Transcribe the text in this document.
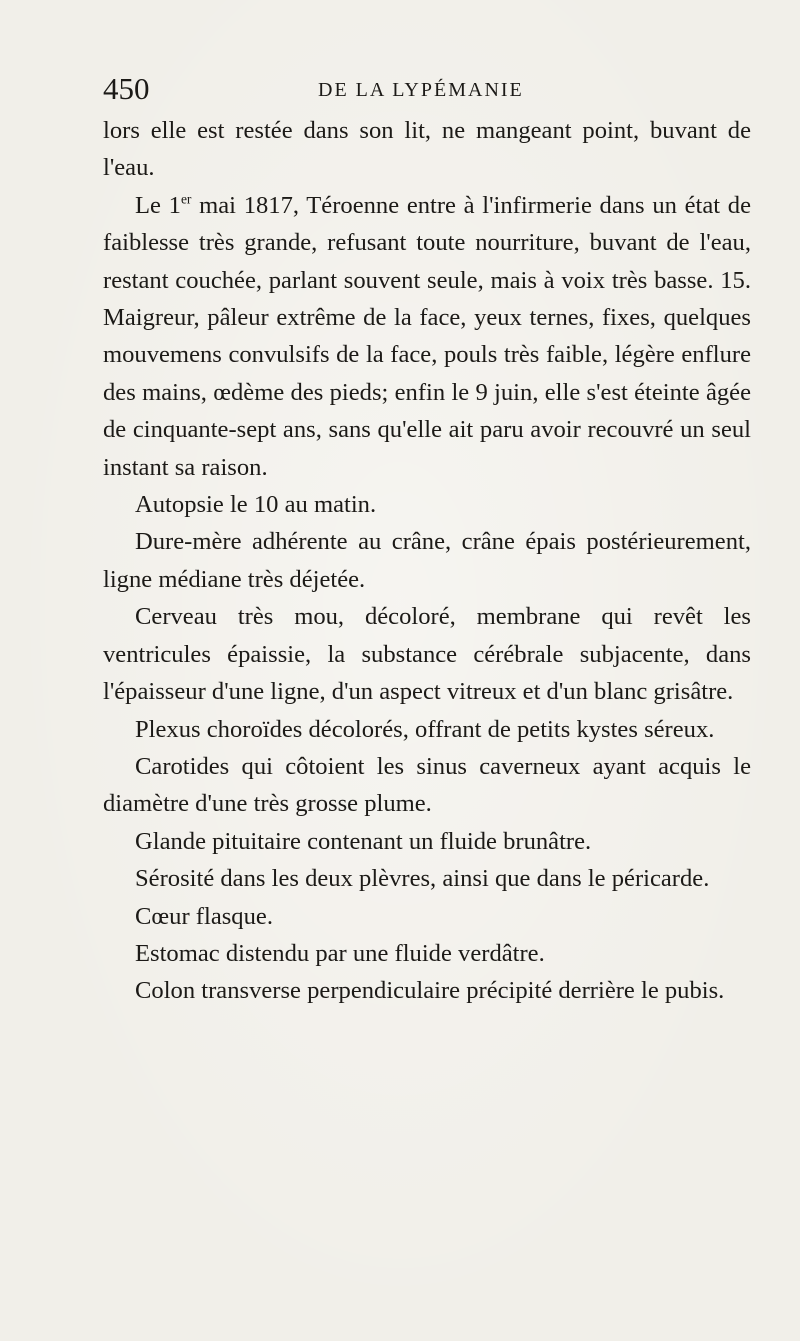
450	DE LA LYPÉMANIE

lors elle est restée dans son lit, ne mangeant point, buvant de l'eau.

Le 1er mai 1817, Téroenne entre à l'infirmerie dans un état de faiblesse très grande, refusant toute nourriture, buvant de l'eau, restant couchée, parlant souvent seule, mais à voix très basse. 15. Maigreur, pâleur extrême de la face, yeux ternes, fixes, quelques mouvemens convulsifs de la face, pouls très faible, légère enflure des mains, œdème des pieds; enfin le 9 juin, elle s'est éteinte âgée de cinquante-sept ans, sans qu'elle ait paru avoir recouvré un seul instant sa raison.

Autopsie le 10 au matin.

Dure-mère adhérente au crâne, crâne épais postérieurement, ligne médiane très déjetée.

Cerveau très mou, décoloré, membrane qui revêt les ventricules épaissie, la substance cérébrale subjacente, dans l'épaisseur d'une ligne, d'un aspect vitreux et d'un blanc grisâtre.

Plexus choroïdes décolorés, offrant de petits kystes séreux.

Carotides qui côtoient les sinus caverneux ayant acquis le diamètre d'une très grosse plume.

Glande pituitaire contenant un fluide brunâtre.

Sérosité dans les deux plèvres, ainsi que dans le péricarde.

Cœur flasque.

Estomac distendu par une fluide verdâtre.

Colon transverse perpendiculaire précipité derrière le pubis.
